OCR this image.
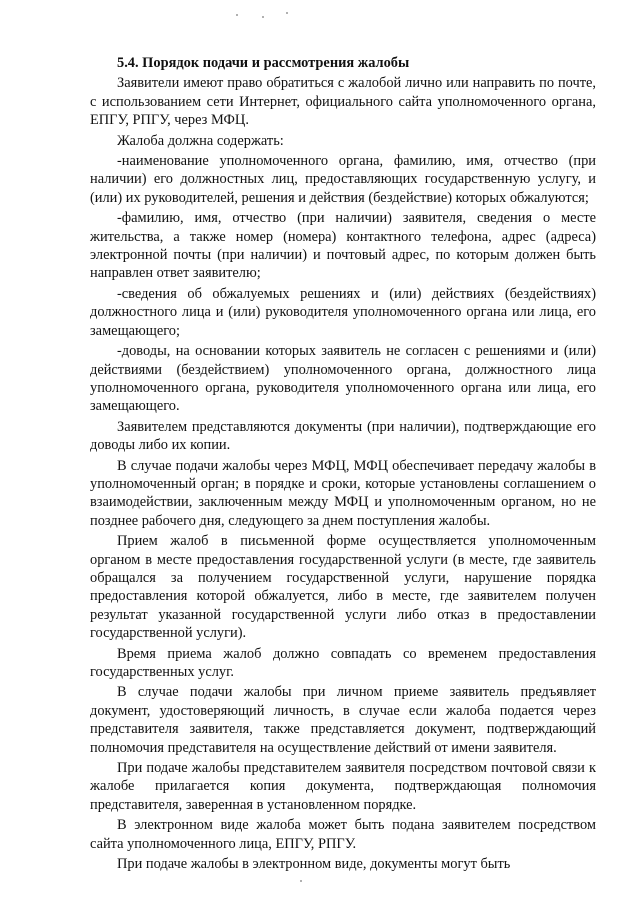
5.4. Порядок подачи и рассмотрения жалобы

Заявители имеют право обратиться с жалобой лично или направить по почте, с использованием сети Интернет, официального сайта уполномоченного органа, ЕПГУ, РПГУ, через МФЦ.

Жалоба должна содержать:

-наименование уполномоченного органа, фамилию, имя, отчество (при наличии) его должностных лиц, предоставляющих государственную услугу, и (или) их руководителей, решения и действия (бездействие) которых обжалуются;

-фамилию, имя, отчество (при наличии) заявителя, сведения о месте жительства, а также номер (номера) контактного телефона, адрес (адреса) электронной почты (при наличии) и почтовый адрес, по которым должен быть направлен ответ заявителю;

-сведения об обжалуемых решениях и (или) действиях (бездействиях) должностного лица и (или) руководителя уполномоченного органа или лица, его замещающего;

-доводы, на основании которых заявитель не согласен с решениями и (или) действиями (бездействием) уполномоченного органа, должностного лица уполномоченного органа, руководителя уполномоченного органа или лица, его замещающего.

Заявителем представляются документы (при наличии), подтверждающие его доводы либо их копии.

В случае подачи жалобы через МФЦ, МФЦ обеспечивает передачу жалобы в уполномоченный орган; в порядке и сроки, которые установлены соглашением о взаимодействии, заключенным между МФЦ и уполномоченным органом, но не позднее рабочего дня, следующего за днем поступления жалобы.

Прием жалоб в письменной форме осуществляется уполномоченным органом в месте предоставления государственной услуги (в месте, где заявитель обращался за получением государственной услуги, нарушение порядка предоставления которой обжалуется, либо в месте, где заявителем получен результат указанной государственной услуги либо отказ в предоставлении государственной услуги).

Время приема жалоб должно совпадать со временем предоставления государственных услуг.

В случае подачи жалобы при личном приеме заявитель предъявляет документ, удостоверяющий личность, в случае если жалоба подается через представителя заявителя, также представляется документ, подтверждающий полномочия представителя на осуществление действий от имени заявителя.

При подаче жалобы представителем заявителя посредством почтовой связи к жалобе прилагается копия документа, подтверждающая полномочия представителя, заверенная в установленном порядке.

В электронном виде жалоба может быть подана заявителем посредством сайта уполномоченного лица, ЕПГУ, РПГУ.

При подаче жалобы в электронном виде, документы могут быть
